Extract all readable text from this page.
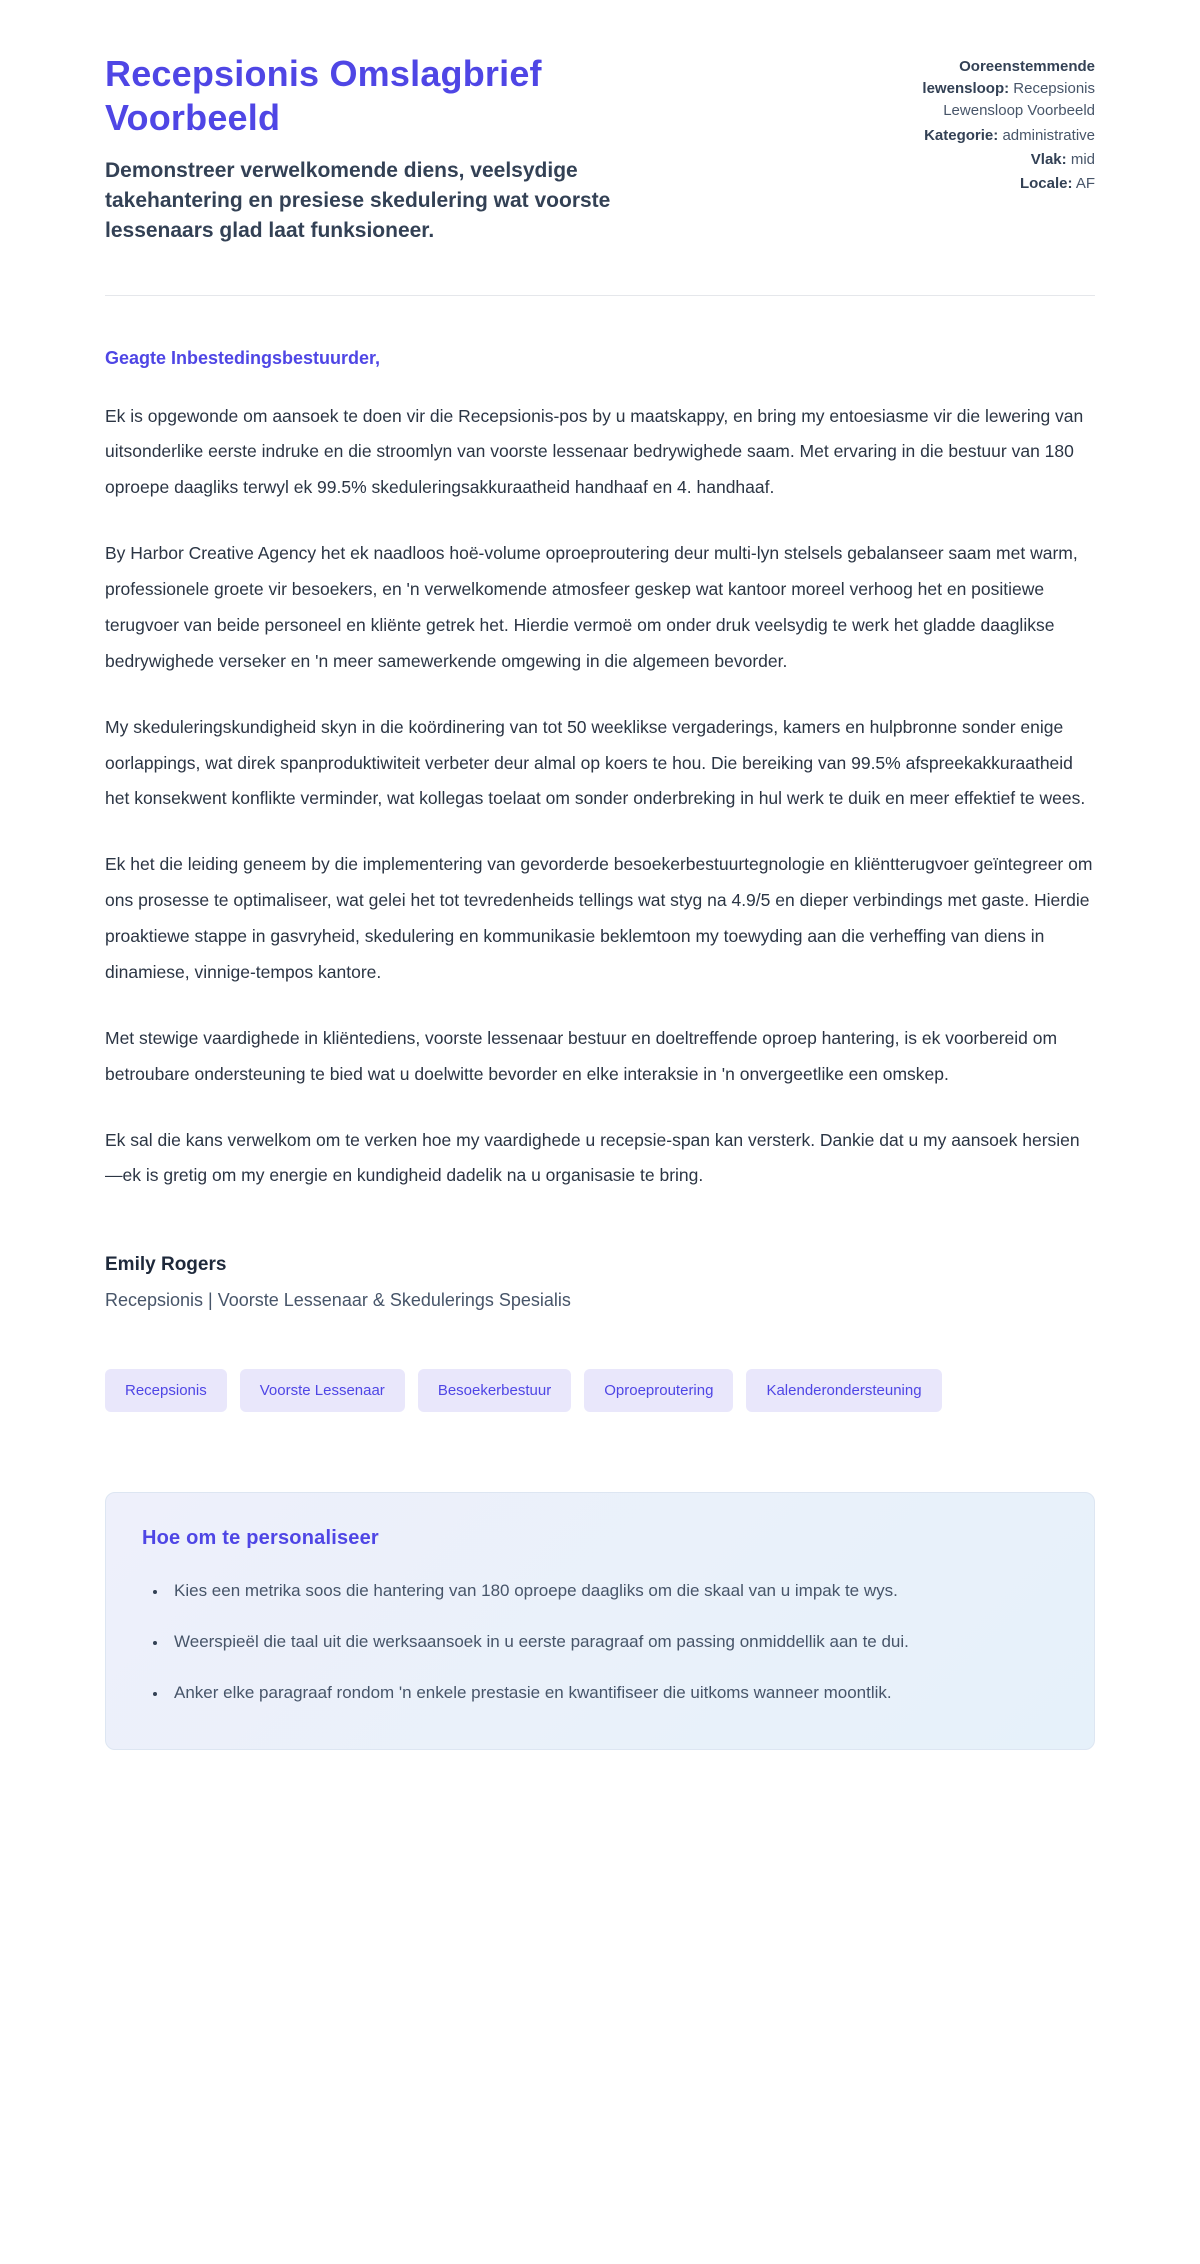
Recepsionis Omslagbrief Voorbeeld

Demonstreer verwelkomende diens, veelsydige takehantering en presiese skedulering wat voorste lessenaars glad laat funksioneer.

Ooreenstemmende lewensloop: Recepsionis Lewensloop Voorbeeld
Kategorie: administrative
Vlak: mid
Locale: AF

Geagte Inbestedingsbestuurder,

Ek is opgewonde om aansoek te doen vir die Recepsionis-pos by u maatskappy, en bring my entoesiasme vir die lewering van uitsonderlike eerste indruke en die stroomlyn van voorste lessenaar bedrywighede saam. Met ervaring in die bestuur van 180 oproepe daagliks terwyl ek 99.5% skeduleringsakkuraatheid handhaaf en 4. handhaaf.

By Harbor Creative Agency het ek naadloos hoë-volume oproeproutering deur multi-lyn stelsels gebalanseer saam met warm, professionele groete vir besoekers, en 'n verwelkomende atmosfeer geskep wat kantoor moreel verhoog het en positiewe terugvoer van beide personeel en kliënte getrek het. Hierdie vermoë om onder druk veelsydig te werk het gladde daaglikse bedrywighede verseker en 'n meer samewerkende omgewing in die algemeen bevorder.

My skeduleringskundigheid skyn in die koördinering van tot 50 weeklikse vergaderings, kamers en hulpbronne sonder enige oorlappings, wat direk spanproduktiwiteit verbeter deur almal op koers te hou. Die bereiking van 99.5% afspreekakkuraatheid het konsekwent konflikte verminder, wat kollegas toelaat om sonder onderbreking in hul werk te duik en meer effektief te wees.

Ek het die leiding geneem by die implementering van gevorderde besoekerbestuurtegnologie en kliëntterugvoer geïntegreer om ons prosesse te optimaliseer, wat gelei het tot tevredenheids tellings wat styg na 4.9/5 en dieper verbindings met gaste. Hierdie proaktiewe stappe in gasvryheid, skedulering en kommunikasie beklemtoon my toewyding aan die verheffing van diens in dinamiese, vinnige-tempos kantore.

Met stewige vaardighede in kliëntediens, voorste lessenaar bestuur en doeltreffende oproep hantering, is ek voorbereid om betroubare ondersteuning te bied wat u doelwitte bevorder en elke interaksie in 'n onvergeetlike een omskep.

Ek sal die kans verwelkom om te verken hoe my vaardighede u recepsie-span kan versterk. Dankie dat u my aansoek hersien—ek is gretig om my energie en kundigheid dadelik na u organisasie te bring.

Emily Rogers

Recepsionis | Voorste Lessenaar & Skedulerings Spesialis

Recepsionis	Voorste Lessenaar	Besoekerbestuur	Oproeproutering	Kalenderondersteuning
Hoe om te personaliseer
• Kies een metrika soos die hantering van 180 oproepe daagliks om die skaal van u impak te wys.
• Weerspieël die taal uit die werksaansoek in u eerste paragraaf om passing onmiddellik aan te dui.
• Anker elke paragraaf rondom 'n enkele prestasie en kwantifiseer die uitkoms wanneer moontlik.
